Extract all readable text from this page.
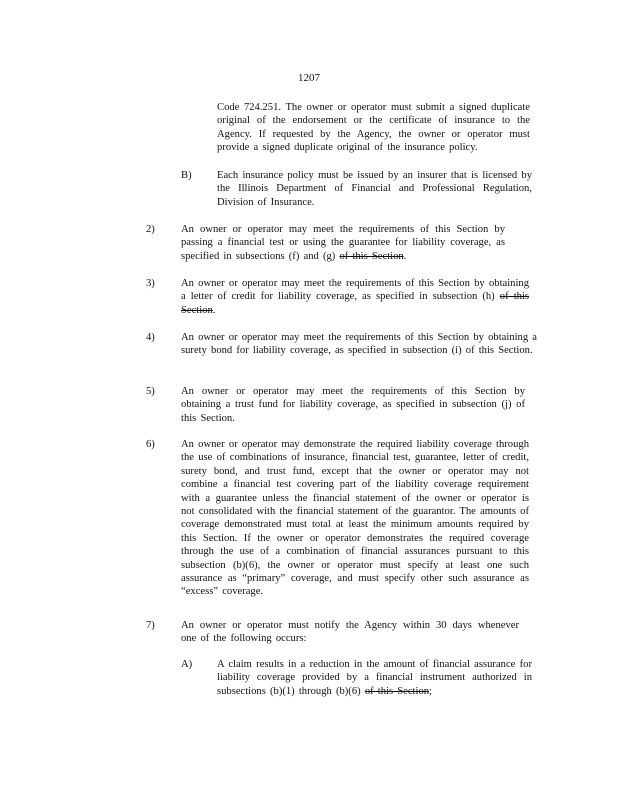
1207
Code 724.251. The owner or operator must submit a signed duplicate original of the endorsement or the certificate of insurance to the Agency. If requested by the Agency, the owner or operator must provide a signed duplicate original of the insurance policy.
B) Each insurance policy must be issued by an insurer that is licensed by the Illinois Department of Financial and Professional Regulation, Division of Insurance.
2) An owner or operator may meet the requirements of this Section by passing a financial test or using the guarantee for liability coverage, as specified in subsections (f) and (g) of this Section.
3) An owner or operator may meet the requirements of this Section by obtaining a letter of credit for liability coverage, as specified in subsection (h) of this Section.
4) An owner or operator may meet the requirements of this Section by obtaining a surety bond for liability coverage, as specified in subsection (i) of this Section.
5) An owner or operator may meet the requirements of this Section by obtaining a trust fund for liability coverage, as specified in subsection (j) of this Section.
6) An owner or operator may demonstrate the required liability coverage through the use of combinations of insurance, financial test, guarantee, letter of credit, surety bond, and trust fund, except that the owner or operator may not combine a financial test covering part of the liability coverage requirement with a guarantee unless the financial statement of the owner or operator is not consolidated with the financial statement of the guarantor. The amounts of coverage demonstrated must total at least the minimum amounts required by this Section. If the owner or operator demonstrates the required coverage through the use of a combination of financial assurances pursuant to this subsection (b)(6), the owner or operator must specify at least one such assurance as “primary” coverage, and must specify other such assurance as “excess” coverage.
7) An owner or operator must notify the Agency within 30 days whenever one of the following occurs:
A) A claim results in a reduction in the amount of financial assurance for liability coverage provided by a financial instrument authorized in subsections (b)(1) through (b)(6) of this Section;
